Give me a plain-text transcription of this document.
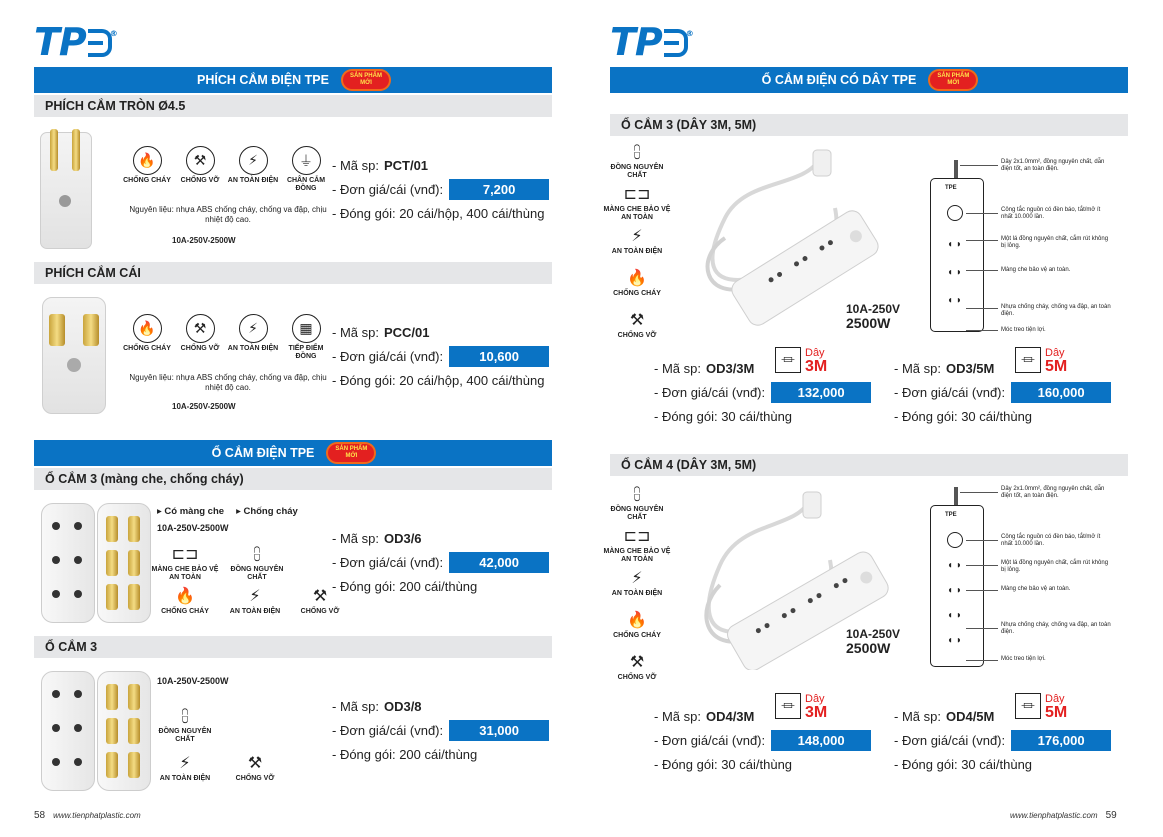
TP	®
PHÍCH CẮM ĐIỆN TPE	SẢN PHẨM
MỚI
PHÍCH CẮM TRÒN Ø4.5
🔥
CHỐNG CHÁY
⚒
CHỐNG VỠ
⚡
AN TOÀN ĐIỆN
⏚
CHÂN CẮM ĐỒNG
Nguyên liệu: nhựa ABS chống cháy, chống va đập, chịu nhiệt độ cao.
10A-250V-2500W
- Mã sp: PCT/01
- Đơn giá/cái (vnđ):	7,200
- Đóng gói: 20 cái/hộp, 400 cái/thùng
PHÍCH CẮM CÁI
🔥
CHỐNG CHÁY
⚒
CHỐNG VỠ
⚡
AN TOÀN ĐIỆN
▦
TIẾP ĐIỂM ĐỒNG
Nguyên liệu: nhựa ABS chống cháy, chống va đập, chịu nhiệt độ cao.
10A-250V-2500W
- Mã sp: PCC/01
- Đơn giá/cái (vnđ):	10,600
- Đóng gói: 20 cái/hộp, 400 cái/thùng
Ổ CẮM ĐIỆN TPE	SẢN PHẨM
MỚI
Ổ CẮM 3 (màng che, chống cháy)
▸ Có màng che ▸ Chống cháy
10A-250V-2500W
⊏⊐
MÀNG CHE BẢO VỆ AN TOÀN
⩉
ĐỒNG NGUYÊN CHẤT
🔥
CHỐNG CHÁY
⚡
AN TOÀN ĐIỆN
⚒
CHỐNG VỠ
- Mã sp: OD3/6
- Đơn giá/cái (vnđ):	42,000
- Đóng gói: 200 cái/thùng
Ổ CẮM 3
10A-250V-2500W
⩉
ĐỒNG NGUYÊN CHẤT
⚡
AN TOÀN ĐIỆN
⚒
CHỐNG VỠ
- Mã sp: OD3/8
- Đơn giá/cái (vnđ):	31,000
- Đóng gói: 200 cái/thùng
58 www.tienphatplastic.com
TP	®
Ổ CẮM ĐIỆN CÓ DÂY TPE	SẢN PHẨM
MỚI
Ổ CẮM 3 (DÂY 3M, 5M)
⩉
ĐỒNG NGUYÊN CHẤT
⊏⊐
MÀNG CHE BẢO VỆ AN TOÀN
⚡
AN TOÀN ĐIỆN
🔥
CHỐNG CHÁY
⚒
CHỐNG VỠ
10A-250V
2500W
TPE
◖ ◗
◖ ◗
◖ ◗
Dây 2x1.0mm², đồng nguyên chất, dẫn điện tốt, an toàn điện.
Công tắc nguồn có đèn báo, tắt/mở ít nhất 10.000 lần.
Một lá đồng nguyên chất, cắm rút không bị lỏng.
Màng che bảo vệ an toàn.
Nhựa chống cháy, chống va đập, an toàn điện.
Móc treo tiện lợi.
- Mã sp: OD3/3M
- Đơn giá/cái (vnđ):	132,000
- Đóng gói: 30 cái/thùng
⏛ Dây
3M	- Mã sp: OD3/5M
- Đơn giá/cái (vnđ):	160,000
- Đóng gói: 30 cái/thùng
⏛ Dây
5M
Ổ CẮM 4 (DÂY 3M, 5M)
⩉
ĐỒNG NGUYÊN CHẤT
⊏⊐
MÀNG CHE BẢO VỆ AN TOÀN
⚡
AN TOÀN ĐIỆN
🔥
CHỐNG CHÁY
⚒
CHỐNG VỠ
10A-250V
2500W
TPE
◖ ◗
◖ ◗
◖ ◗
◖ ◗
Dây 2x1.0mm², đồng nguyên chất, dẫn điện tốt, an toàn điện.
Công tắc nguồn có đèn báo, tắt/mở ít nhất 10.000 lần.
Một lá đồng nguyên chất, cắm rút không bị lỏng.
Màng che bảo vệ an toàn.
Nhựa chống cháy, chống va đập, an toàn điện.
Móc treo tiện lợi.
- Mã sp: OD4/3M
- Đơn giá/cái (vnđ):	148,000
- Đóng gói: 30 cái/thùng
⏛ Dây
3M	- Mã sp: OD4/5M
- Đơn giá/cái (vnđ):	176,000
- Đóng gói: 30 cái/thùng
⏛ Dây
5M
www.tienphatplastic.com 59
